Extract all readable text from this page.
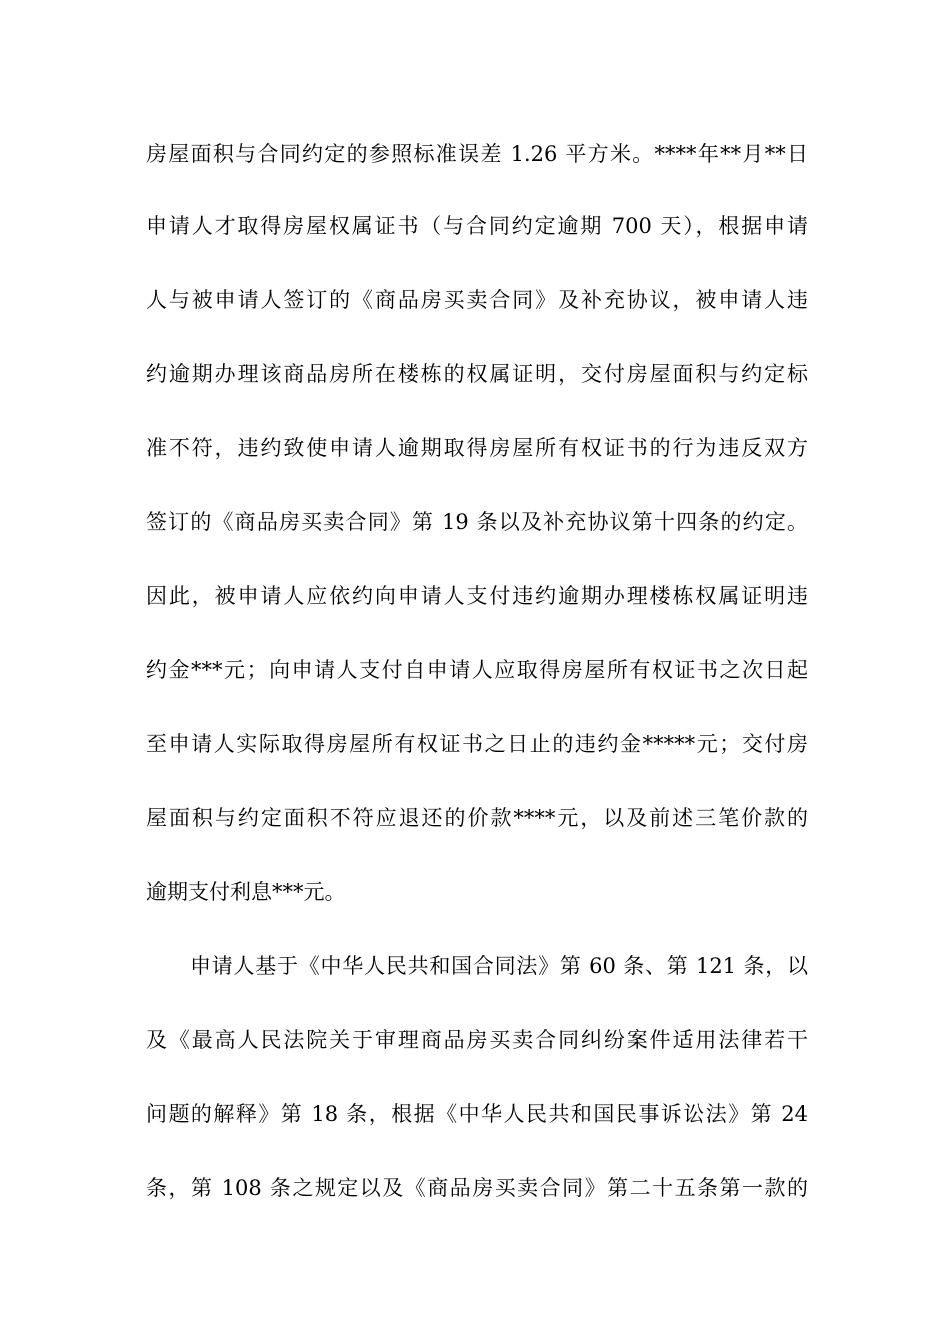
房屋面积与合同约定的参照标准误差 1.26 平方米。****年**月**日
申请人才取得房屋权属证书（与合同约定逾期 700 天），根据申请
人与被申请人签订的《商品房买卖合同》及补充协议，被申请人违
约逾期办理该商品房所在楼栋的权属证明，交付房屋面积与约定标
准不符，违约致使申请人逾期取得房屋所有权证书的行为违反双方
签订的《商品房买卖合同》第 19 条以及补充协议第十四条的约定。
因此，被申请人应依约向申请人支付违约逾期办理楼栋权属证明违
约金***元；向申请人支付自申请人应取得房屋所有权证书之次日起
至申请人实际取得房屋所有权证书之日止的违约金*****元；交付房
屋面积与约定面积不符应退还的价款****元，以及前述三笔价款的
逾期支付利息***元。
申请人基于《中华人民共和国合同法》第 60 条、第 121 条，以
及《最高人民法院关于审理商品房买卖合同纠纷案件适用法律若干
问题的解释》第 18 条，根据《中华人民共和国民事诉讼法》第 24
条，第 108 条之规定以及《商品房买卖合同》第二十五条第一款的
